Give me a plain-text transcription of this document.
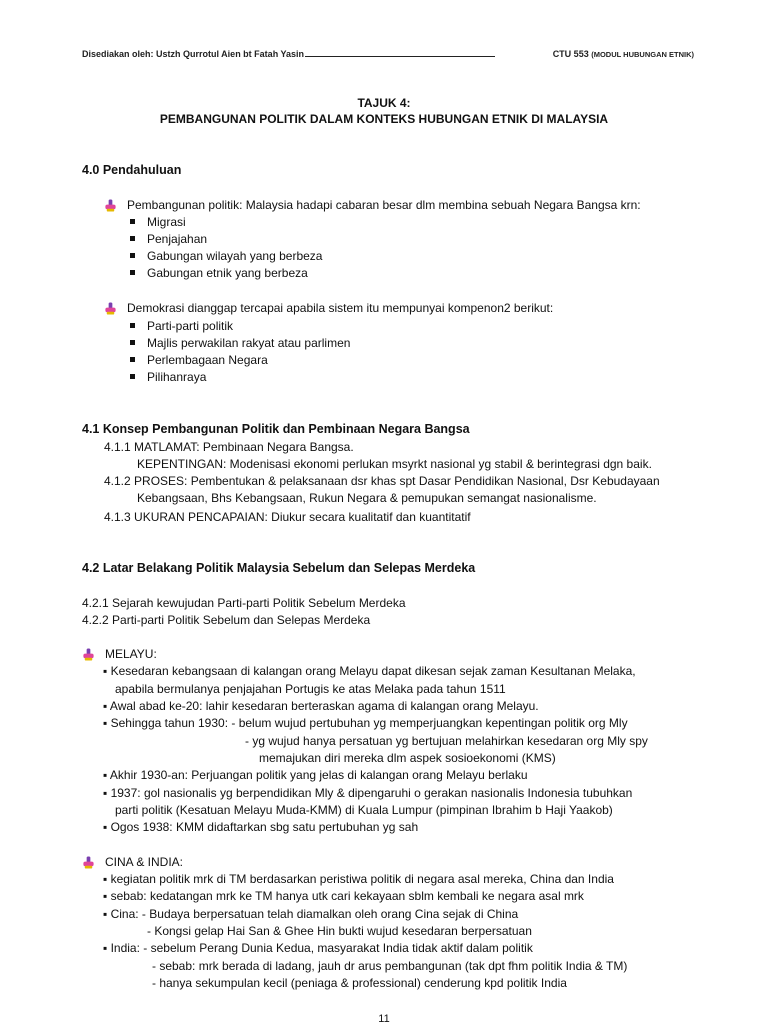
Disediakan oleh: Ustzh Qurrotul Aien bt Fatah Yasin	CTU 553 (MODUL HUBUNGAN ETNIK)
TAJUK 4:
PEMBANGUNAN POLITIK DALAM KONTEKS HUBUNGAN ETNIK DI MALAYSIA
4.0 Pendahuluan
Pembangunan politik: Malaysia hadapi cabaran besar dlm membina sebuah Negara Bangsa krn:
Migrasi
Penjajahan
Gabungan wilayah yang berbeza
Gabungan etnik yang berbeza
Demokrasi dianggap tercapai apabila sistem itu mempunyai kompenon2 berikut:
Parti-parti politik
Majlis perwakilan rakyat atau parlimen
Perlembagaan Negara
Pilihanraya
4.1 Konsep Pembangunan Politik dan Pembinaan Negara Bangsa
4.1.1 MATLAMAT: Pembinaan Negara Bangsa.
KEPENTINGAN: Modenisasi ekonomi perlukan msyrkt nasional yg stabil & berintegrasi dgn baik.
4.1.2 PROSES: Pembentukan & pelaksanaan dsr khas spt Dasar Pendidikan Nasional, Dsr Kebudayaan
Kebangsaan, Bhs Kebangsaan, Rukun Negara & pemupukan semangat nasionalisme.
4.1.3 UKURAN PENCAPAIAN: Diukur secara kualitatif dan kuantitatif
4.2 Latar Belakang Politik Malaysia Sebelum dan Selepas Merdeka
4.2.1 Sejarah kewujudan Parti-parti Politik Sebelum Merdeka
4.2.2 Parti-parti Politik Sebelum dan Selepas Merdeka
MELAYU:
▪ Kesedaran kebangsaan di kalangan orang Melayu dapat dikesan sejak zaman Kesultanan Melaka,
apabila bermulanya penjajahan Portugis ke atas Melaka pada tahun 1511
▪ Awal abad ke-20: lahir kesedaran berteraskan agama di kalangan orang Melayu.
▪ Sehingga tahun 1930: - belum wujud pertubuhan yg memperjuangkan kepentingan politik org Mly
- yg wujud hanya persatuan yg bertujuan melahirkan kesedaran org Mly spy
memajukan diri mereka dlm aspek sosioekonomi (KMS)
▪ Akhir 1930-an: Perjuangan politik yang jelas di kalangan orang Melayu berlaku
▪ 1937: gol nasionalis yg berpendidikan Mly & dipengaruhi o gerakan nasionalis Indonesia tubuhkan
parti politik (Kesatuan Melayu Muda-KMM) di Kuala Lumpur (pimpinan Ibrahim b Haji Yaakob)
▪ Ogos 1938: KMM didaftarkan sbg satu pertubuhan yg sah
CINA & INDIA:
▪ kegiatan politik mrk di TM berdasarkan peristiwa politik di negara asal mereka, China dan India
▪ sebab: kedatangan mrk ke TM hanya utk cari kekayaan sblm kembali ke negara asal mrk
▪ Cina: - Budaya berpersatuan telah diamalkan oleh orang Cina sejak di China
- Kongsi gelap Hai San & Ghee Hin bukti wujud kesedaran berpersatuan
▪ India: - sebelum Perang Dunia Kedua, masyarakat India tidak aktif dalam politik
- sebab: mrk berada di ladang, jauh dr arus pembangunan (tak dpt fhm politik India & TM)
- hanya sekumpulan kecil (peniaga & professional) cenderung kpd politik India
11
